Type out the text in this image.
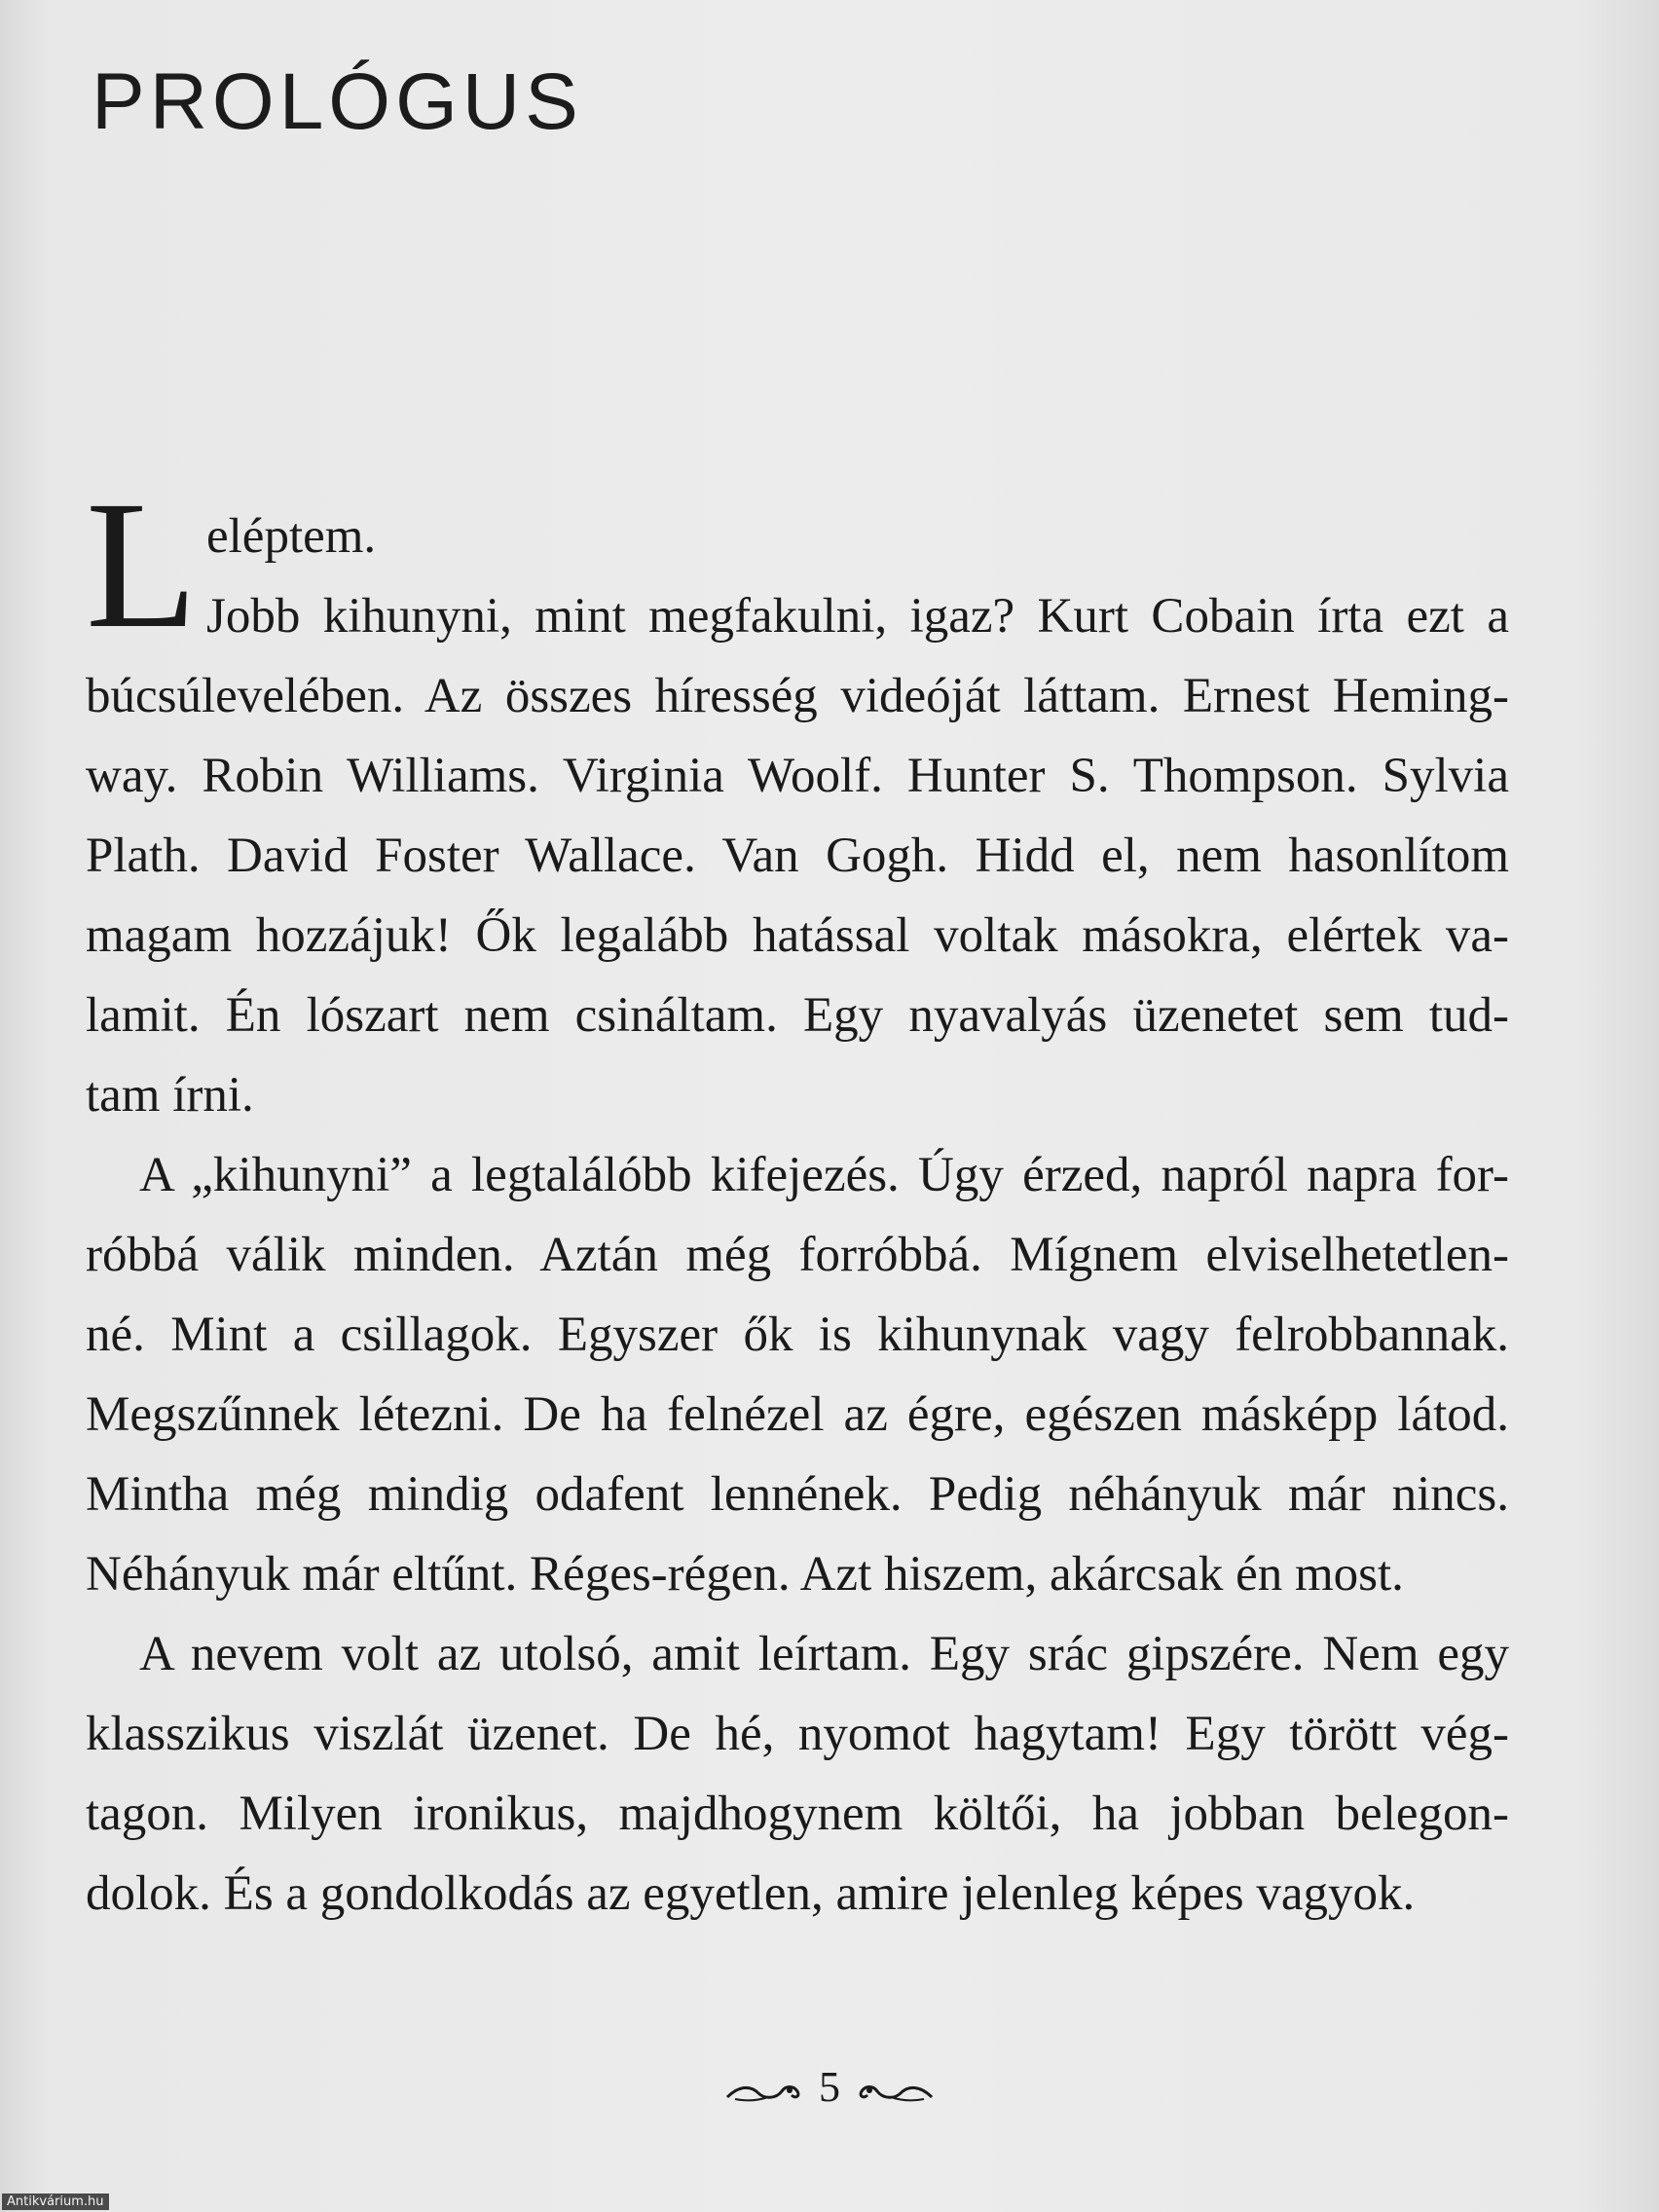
PROLÓGUS
L eléptem.
Jobb kihunyni, mint megfakulni, igaz? Kurt Cobain írta ezt a
búcsúlevelében. Az összes híresség videóját láttam. Ernest Heming-
way. Robin Williams. Virginia Woolf. Hunter S. Thompson. Sylvia
Plath. David Foster Wallace. Van Gogh. Hidd el, nem hasonlítom
magam hozzájuk! Ők legalább hatással voltak másokra, elértek va-
lamit. Én lószart nem csináltam. Egy nyavalyás üzenetet sem tud-
tam írni.
A „kihunyni” a legtalálóbb kifejezés. Úgy érzed, napról napra for-
róbbá válik minden. Aztán még forróbbá. Mígnem elviselhetetlen-
né. Mint a csillagok. Egyszer ők is kihunynak vagy felrobbannak.
Megszűnnek létezni. De ha felnézel az égre, egészen másképp látod.
Mintha még mindig odafent lennének. Pedig néhányuk már nincs.
Néhányuk már eltűnt. Réges-régen. Azt hiszem, akárcsak én most.
A nevem volt az utolsó, amit leírtam. Egy srác gipszére. Nem egy
klasszikus viszlát üzenet. De hé, nyomot hagytam! Egy törött vég-
tagon. Milyen ironikus, majdhogynem költői, ha jobban belegon-
dolok. És a gondolkodás az egyetlen, amire jelenleg képes vagyok.
5
Antikvárium.hu
